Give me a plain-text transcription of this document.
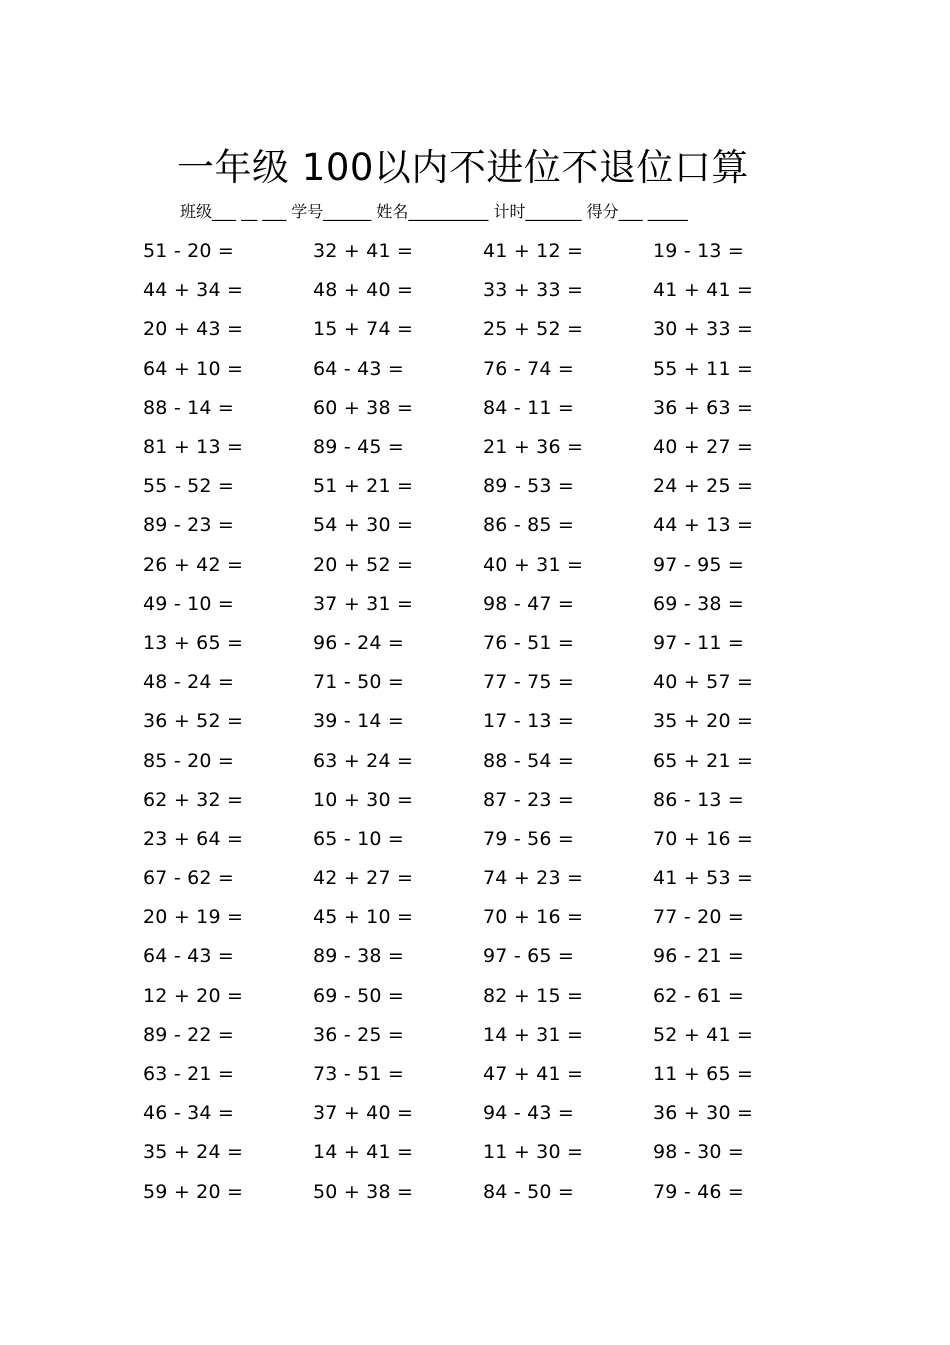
一年级 100以内不进位不退位口算
班级___ __ ___ 学号______ 姓名__________ 计时_______ 得分___ _____
51 - 20 =	32 + 41 =	41 + 12 =	19 - 13 =
44 + 34 =	48 + 40 =	33 + 33 =	41 + 41 =
20 + 43 =	15 + 74 =	25 + 52 =	30 + 33 =
64 + 10 =	64 - 43 =	76 - 74 =	55 + 11 =
88 - 14 =	60 + 38 =	84 - 11 =	36 + 63 =
81 + 13 =	89 - 45 =	21 + 36 =	40 + 27 =
55 - 52 =	51 + 21 =	89 - 53 =	24 + 25 =
89 - 23 =	54 + 30 =	86 - 85 =	44 + 13 =
26 + 42 =	20 + 52 =	40 + 31 =	97 - 95 =
49 - 10 =	37 + 31 =	98 - 47 =	69 - 38 =
13 + 65 =	96 - 24 =	76 - 51 =	97 - 11 =
48 - 24 =	71 - 50 =	77 - 75 =	40 + 57 =
36 + 52 =	39 - 14 =	17 - 13 =	35 + 20 =
85 - 20 =	63 + 24 =	88 - 54 =	65 + 21 =
62 + 32 =	10 + 30 =	87 - 23 =	86 - 13 =
23 + 64 =	65 - 10 =	79 - 56 =	70 + 16 =
67 - 62 =	42 + 27 =	74 + 23 =	41 + 53 =
20 + 19 =	45 + 10 =	70 + 16 =	77 - 20 =
64 - 43 =	89 - 38 =	97 - 65 =	96 - 21 =
12 + 20 =	69 - 50 =	82 + 15 =	62 - 61 =
89 - 22 =	36 - 25 =	14 + 31 =	52 + 41 =
63 - 21 =	73 - 51 =	47 + 41 =	11 + 65 =
46 - 34 =	37 + 40 =	94 - 43 =	36 + 30 =
35 + 24 =	14 + 41 =	11 + 30 =	98 - 30 =
59 + 20 =	50 + 38 =	84 - 50 =	79 - 46 =
